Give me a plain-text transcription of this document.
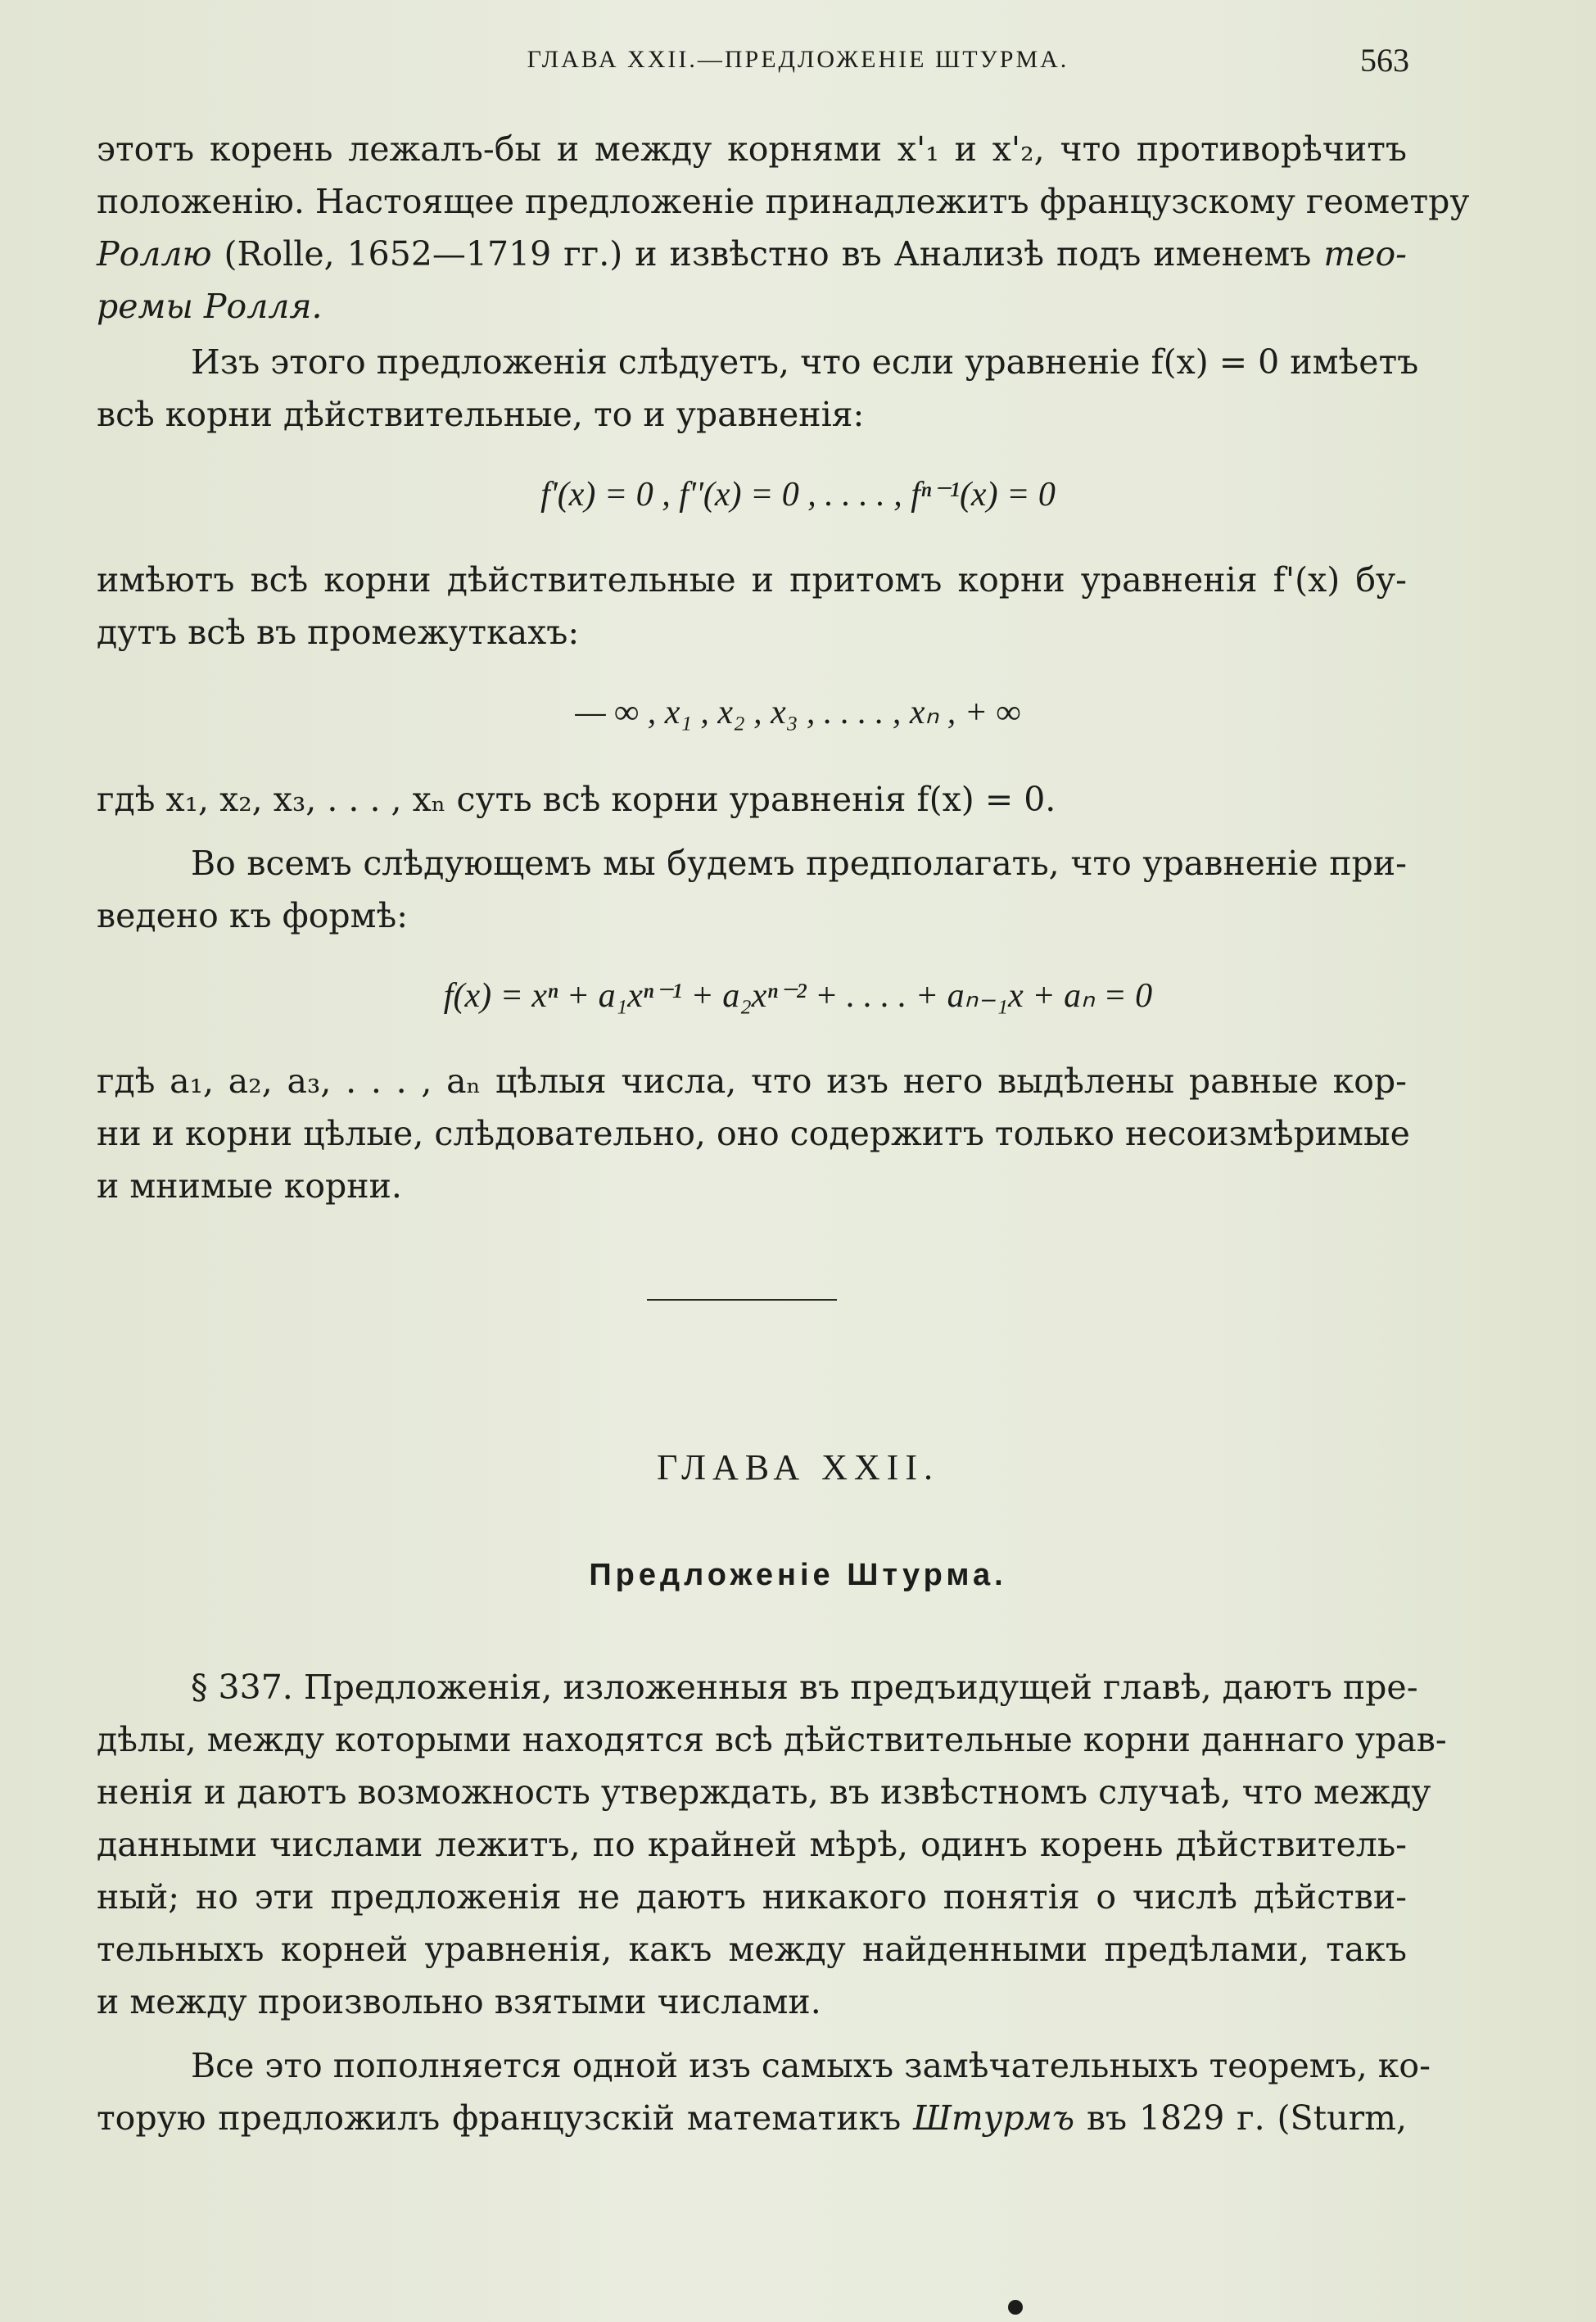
ГЛАВА XXII.—ПРЕДЛОЖЕНІЕ ШТУРМА.	563
этотъ корень лежалъ-бы и между корнями x'₁ и x'₂, что противорѣчитъ
положенію. Настоящее предложеніе принадлежитъ французскому геометру
Роллю (Rolle, 1652—1719 гг.) и извѣстно въ Анализѣ подъ именемъ тео-
ремы Ролля.
Изъ этого предложенія слѣдуетъ, что если уравненіе f(x) = 0 имѣетъ
всѣ корни дѣйствительные, то и уравненія:
f'(x) = 0 , f''(x) = 0 , . . . . , fⁿ⁻¹(x) = 0
имѣютъ всѣ корни дѣйствительные и притомъ корни уравненія f'(x) бу-
дутъ всѣ въ промежуткахъ:
— ∞ , x₁ , x₂ , x₃ , . . . . , xₙ , + ∞
гдѣ x₁, x₂, x₃, . . . , xₙ суть всѣ корни уравненія f(x) = 0.
Во всемъ слѣдующемъ мы будемъ предполагать, что уравненіе при-
ведено къ формѣ:
f(x) = xⁿ + a₁xⁿ⁻¹ + a₂xⁿ⁻² + . . . . + aₙ₋₁x + aₙ = 0
гдѣ a₁, a₂, a₃, . . . , aₙ цѣлыя числа, что изъ него выдѣлены равные кор-
ни и корни цѣлые, слѣдовательно, оно содержитъ только несоизмѣримые
и мнимые корни.
ГЛАВА XXII.
Предложеніе Штурма.
§ 337. Предложенія, изложенныя въ предъидущей главѣ, даютъ пре-
дѣлы, между которыми находятся всѣ дѣйствительные корни даннаго урав-
ненія и даютъ возможность утверждать, въ извѣстномъ случаѣ, что между
данными числами лежитъ, по крайней мѣрѣ, одинъ корень дѣйствитель-
ный; но эти предложенія не даютъ никакого понятія о числѣ дѣйстви-
тельныхъ корней уравненія, какъ между найденными предѣлами, такъ
и между произвольно взятыми числами.
Все это пополняется одной изъ самыхъ замѣчательныхъ теоремъ, ко-
торую предложилъ французскій математикъ Штурмъ въ 1829 г. (Sturm,
